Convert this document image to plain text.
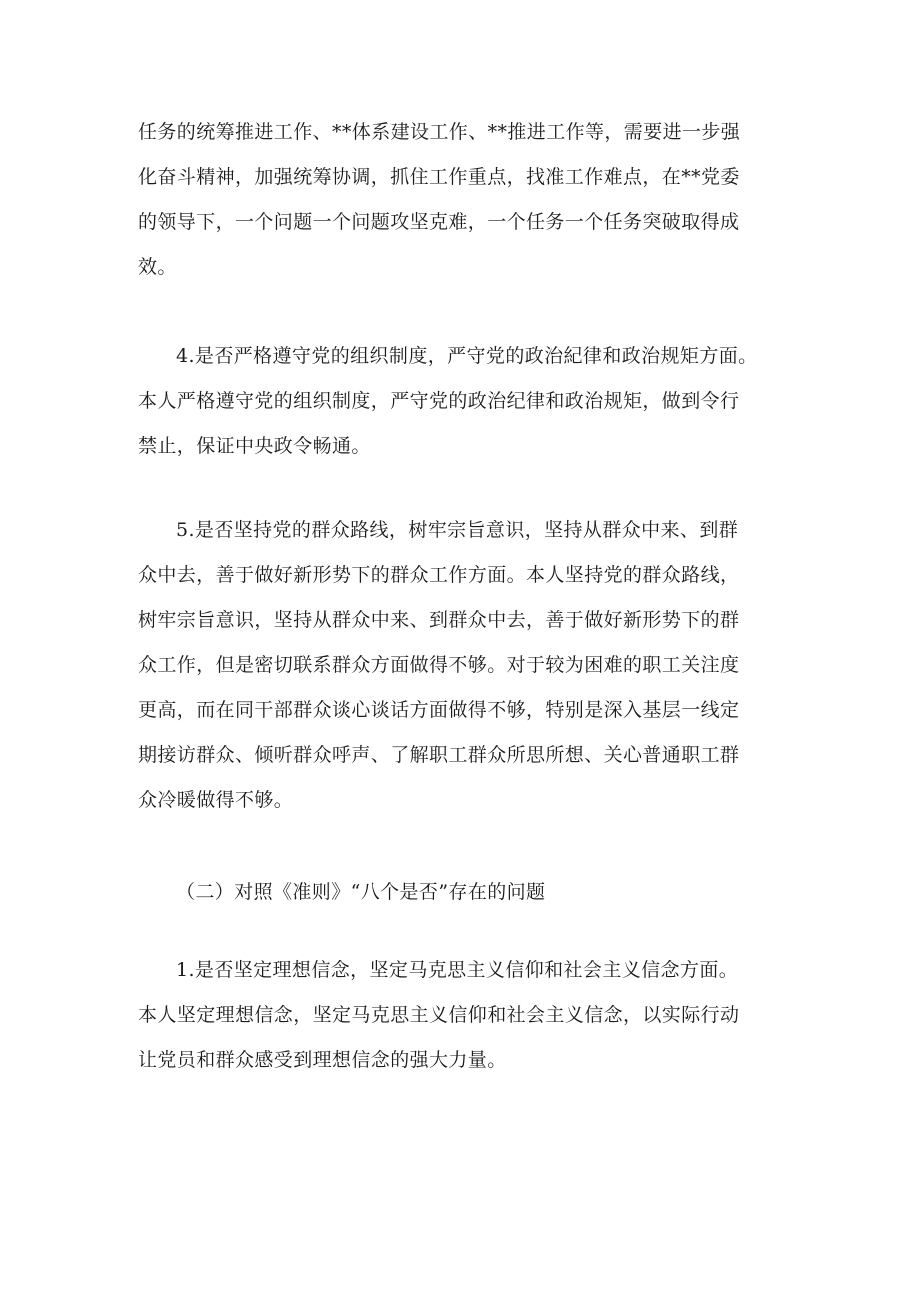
任务的统筹推进工作、**体系建设工作、**推进工作等，需要进一步强
化奋斗精神，加强统筹协调，抓住工作重点，找准工作难点，在**党委
的领导下，一个问题一个问题攻坚克难，一个任务一个任务突破取得成
效。
4.是否严格遵守党的组织制度，严守党的政治紀律和政治规矩方面。
本人严格遵守党的组织制度，严守党的政治纪律和政治规矩，做到令行
禁止，保证中央政令畅通。
5.是否坚持党的群众路线，树牢宗旨意识，坚持从群众中来、到群
众中去，善于做好新形势下的群众工作方面。本人坚持党的群众路线，
树牢宗旨意识，坚持从群众中来、到群众中去，善于做好新形势下的群
众工作，但是密切联系群众方面做得不够。对于较为困难的职工关注度
更高，而在同干部群众谈心谈话方面做得不够，特别是深入基层一线定
期接访群众、倾听群众呼声、了解职工群众所思所想、关心普通职工群
众冷暖做得不够。
（二）对照《准则》“八个是否”存在的问题
1.是否坚定理想信念，坚定马克思主义信仰和社会主义信念方面。
本人坚定理想信念，坚定马克思主义信仰和社会主义信念，以实际行动
让党员和群众感受到理想信念的强大力量。
